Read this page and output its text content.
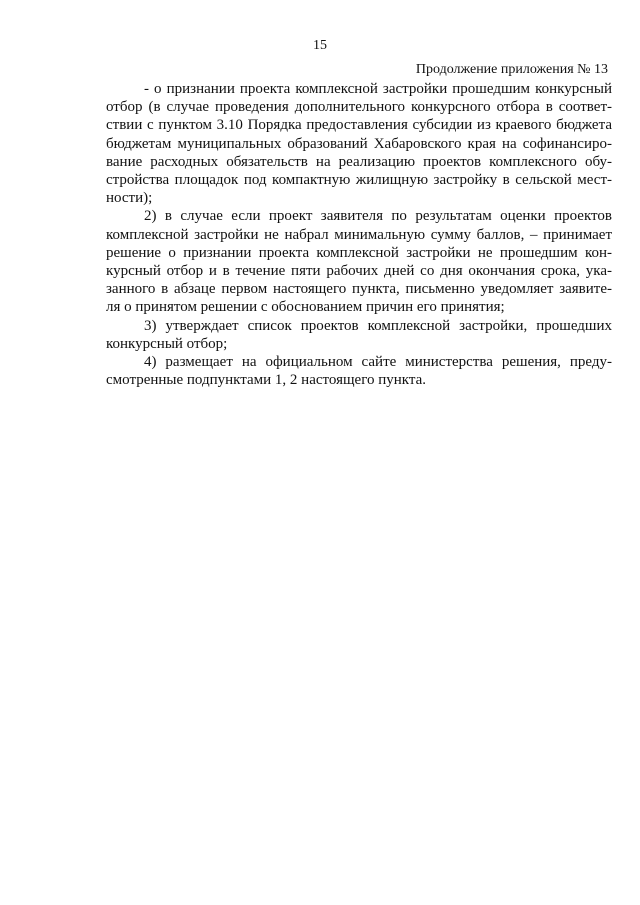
15
Продолжение приложения № 13

- о признании проекта комплексной застройки прошедшим конкурсный
отбор (в случае проведения дополнительного конкурсного отбора в соответ-
ствии с пунктом 3.10 Порядка предоставления субсидии из краевого бюджета
бюджетам муниципальных образований Хабаровского края на софинансиро-
вание расходных обязательств на реализацию проектов комплексного обу-
стройства площадок под компактную жилищную застройку в сельской мест-
ности);

2) в случае если проект заявителя по результатам оценки проектов
комплексной застройки не набрал минимальную сумму баллов, – принимает
решение о признании проекта комплексной застройки не прошедшим кон-
курсный отбор и в течение пяти рабочих дней со дня окончания срока, ука-
занного в абзаце первом настоящего пункта, письменно уведомляет заявите-
ля о принятом решении с обоснованием причин его принятия;

3) утверждает список проектов комплексной застройки, прошедших
конкурсный отбор;

4) размещает на официальном сайте министерства решения, преду-
смотренные подпунктами 1, 2 настоящего пункта.
